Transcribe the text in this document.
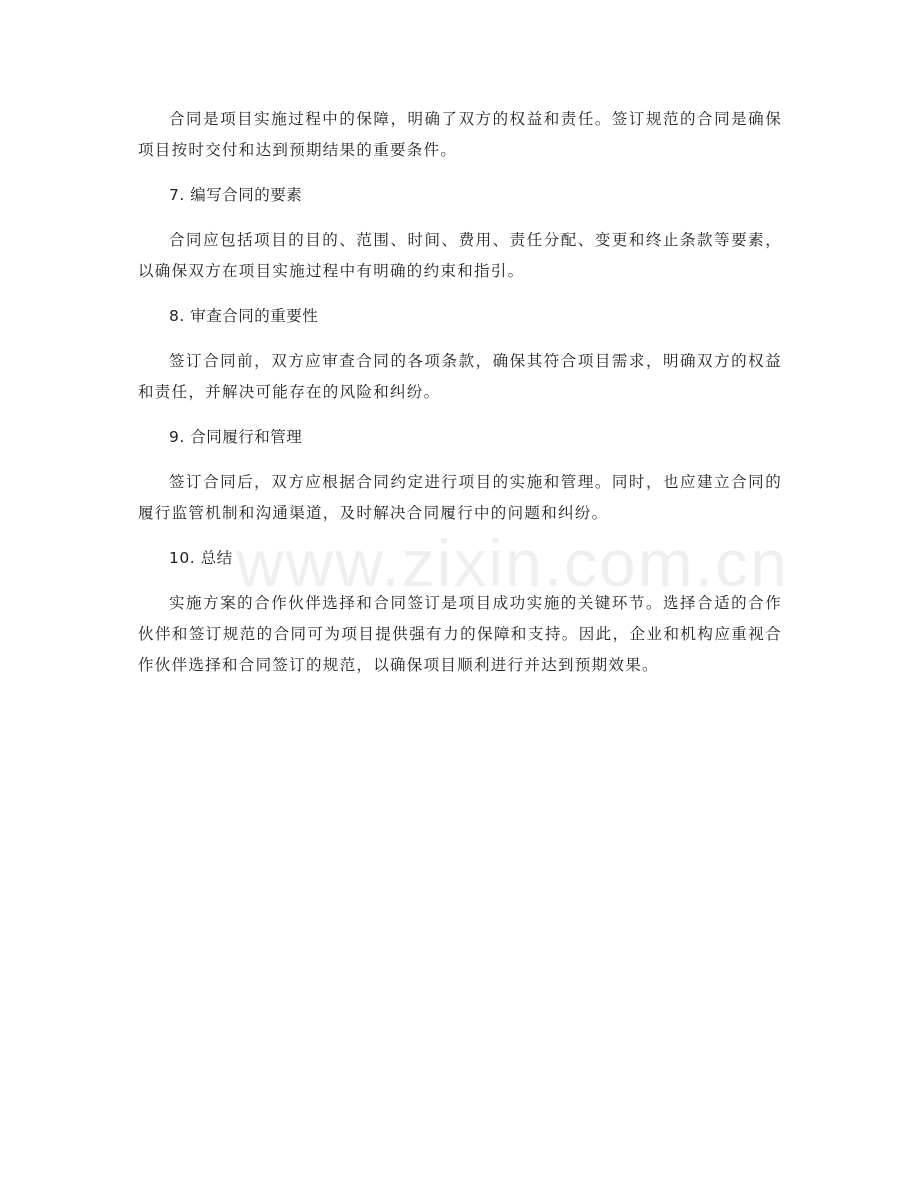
合同是项目实施过程中的保障，明确了双方的权益和责任。签订规范的合同是确保项目按时交付和达到预期结果的重要条件。

7. 编写合同的要素

合同应包括项目的目的、范围、时间、费用、责任分配、变更和终止条款等要素，以确保双方在项目实施过程中有明确的约束和指引。

8. 审查合同的重要性

签订合同前，双方应审查合同的各项条款，确保其符合项目需求，明确双方的权益和责任，并解决可能存在的风险和纠纷。

9. 合同履行和管理

签订合同后，双方应根据合同约定进行项目的实施和管理。同时，也应建立合同的履行监管机制和沟通渠道，及时解决合同履行中的问题和纠纷。

10. 总结

实施方案的合作伙伴选择和合同签订是项目成功实施的关键环节。选择合适的合作伙伴和签订规范的合同可为项目提供强有力的保障和支持。因此，企业和机构应重视合作伙伴选择和合同签订的规范，以确保项目顺利进行并达到预期效果。

www.zixin.com.cn
